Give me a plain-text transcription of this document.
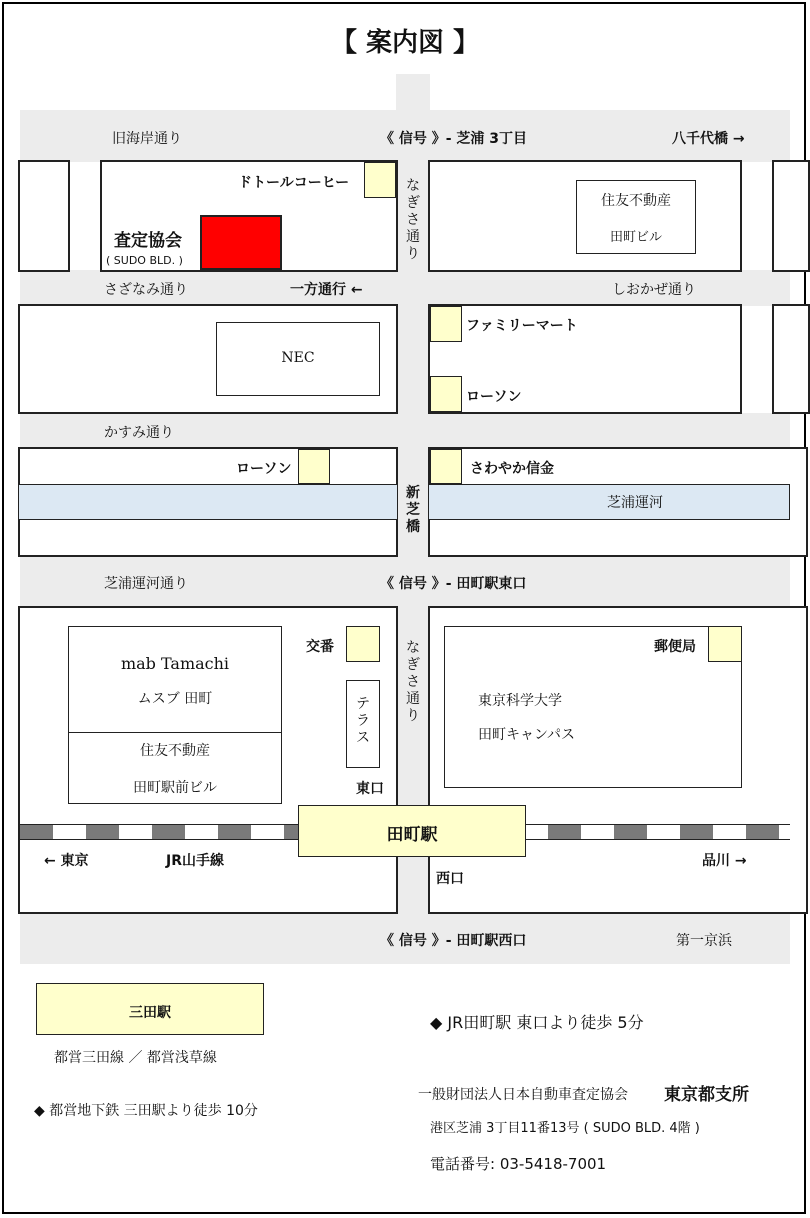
【 案内図 】
芝浦運河
新芝橋
旧海岸通り	《 信号 》- 芝浦 3丁目	八千代橋 →
なぎさ通り
さざなみ通り	一方通行 ←	しおかぜ通り
かすみ通り
芝浦運河通り	《 信号 》- 田町駅東口
なぎさ通り
《 信号 》- 田町駅西口	第一京浜
ドトールコーヒー
査定協会
( SUDO BLD. )
住友不動産
田町ビル
NEC
ファミリーマート
ローソン
ローソン	さわやか信金
mab Tamachi
ムスブ 田町
住友不動産
田町駅前ビル
交番
テラス
東口
郵便局
東京科学大学
田町キャンパス
田町駅
← 東京	JR山手線	品川 →
西口
三田駅
都営三田線 ／ 都営浅草線
◆ JR田町駅 東口より徒歩 5分
◆ 都営地下鉄 三田駅より徒歩 10分
一般財団法人日本自動車査定協会 東京都支所
港区芝浦 3丁目11番13号 ( SUDO BLD. 4階 )
電話番号: 03-5418-7001
